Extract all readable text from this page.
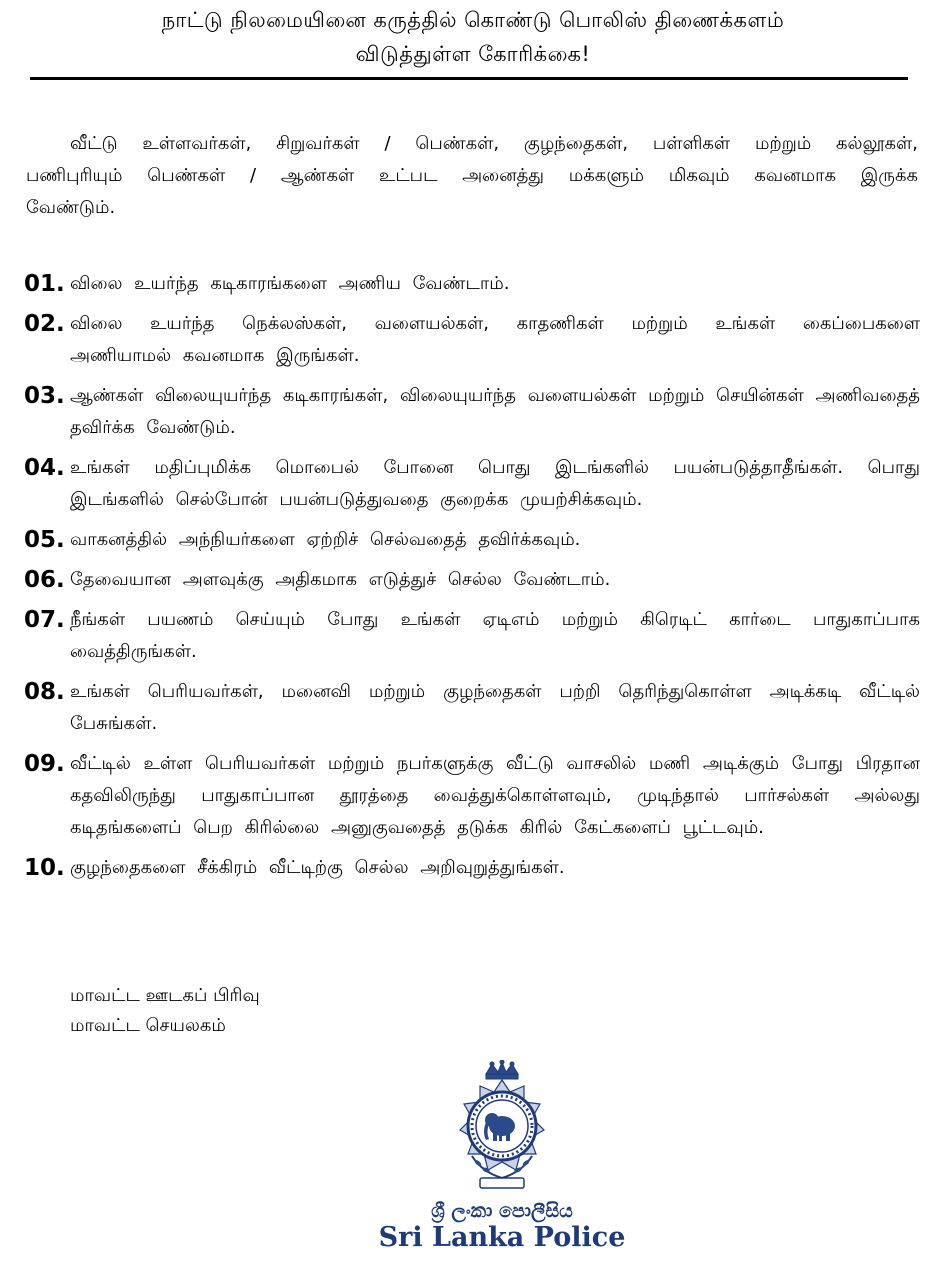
நாட்டு நிலமையினை கருத்தில் கொண்டு பொலிஸ் திணைக்களம்
விடுத்துள்ள கோரிக்கை!
வீட்டு உள்ளவர்கள், சிறுவர்கள் / பெண்கள், குழந்தைகள், பள்ளிகள் மற்றும் கல்லூகள், பணிபுரியும் பெண்கள் / ஆண்கள் உட்பட அனைத்து மக்களும் மிகவும் கவனமாக இருக்க வேண்டும்.
01. விலை உயர்ந்த கடிகாரங்களை அணிய வேண்டாம்.
02. விலை உயர்ந்த நெக்லஸ்கள், வளையல்கள், காதணிகள் மற்றும் உங்கள் கைப்பைகளை அணியாமல் கவனமாக இருங்கள்.
03. ஆண்கள் விலையுயர்ந்த கடிகாரங்கள், விலையுயர்ந்த வளையல்கள் மற்றும் செயின்கள் அணிவதைத் தவிர்க்க வேண்டும்.
04. உங்கள் மதிப்புமிக்க மொபைல் போனை பொது இடங்களில் பயன்படுத்தாதீங்கள். பொது இடங்களில் செல்போன் பயன்படுத்துவதை குறைக்க முயற்சிக்கவும்.
05. வாகனத்தில் அந்நியர்களை ஏற்றிச் செல்வதைத் தவிர்க்கவும்.
06. தேவையான அளவுக்கு அதிகமாக எடுத்துச் செல்ல வேண்டாம்.
07. நீங்கள் பயணம் செய்யும் போது உங்கள் ஏடிஎம் மற்றும் கிரெடிட் கார்டை பாதுகாப்பாக வைத்திருங்கள்.
08. உங்கள் பெரியவர்கள், மனைவி மற்றும் குழந்தைகள் பற்றி தெரிந்துகொள்ள அடிக்கடி வீட்டில் பேசுங்கள்.
09. வீட்டில் உள்ள பெரியவர்கள் மற்றும் நபர்களுக்கு வீட்டு வாசலில் மணி அடிக்கும் போது பிரதான கதவிலிருந்து பாதுகாப்பான தூரத்தை வைத்துக்கொள்ளவும், முடிந்தால் பார்சல்கள் அல்லது கடிதங்களைப் பெற கிரில்லை அனுகுவதைத் தடுக்க கிரில் கேட்களைப் பூட்டவும்.
10. குழந்தைகளை சீக்கிரம் வீட்டிற்கு செல்ல அறிவுறுத்துங்கள்.
மாவட்ட ஊடகப் பிரிவு
மாவட்ட செயலகம்
ශ්‍රී ලංකා පොලීසිය
Sri Lanka Police
